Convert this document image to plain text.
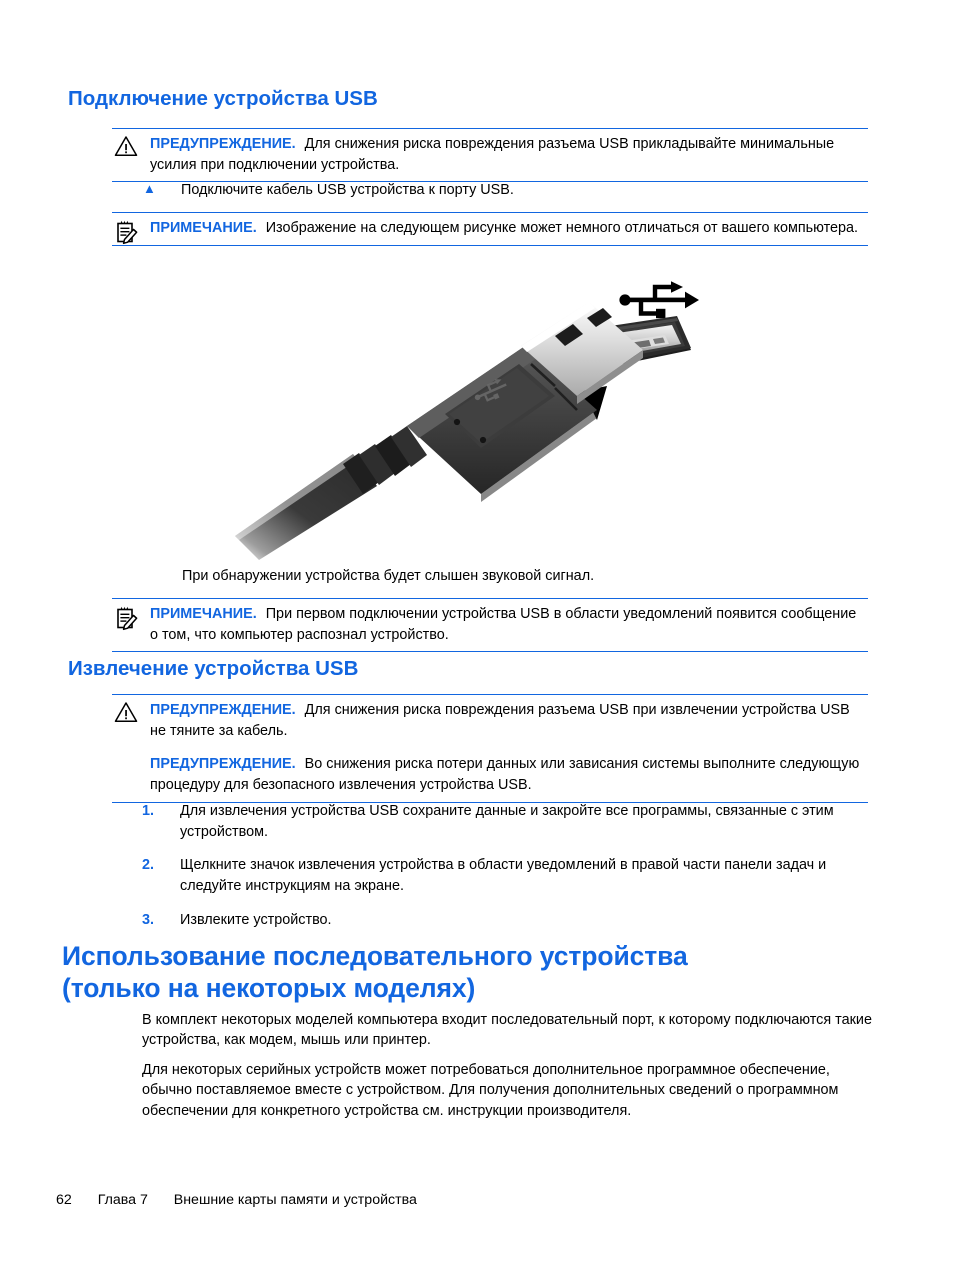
Подключение устройства USB

ПРЕДУПРЕЖДЕНИЕ. Для снижения риска повреждения разъема USB прикладывайте минимальные усилия при подключении устройства.

▲	Подключите кабель USB устройства к порту USB.

ПРИМЕЧАНИЕ. Изображение на следующем рисунке может немного отличаться от вашего компьютера.

При обнаружении устройства будет слышен звуковой сигнал.

ПРИМЕЧАНИЕ. При первом подключении устройства USB в области уведомлений появится сообщение о том, что компьютер распознал устройство.

Извлечение устройства USB

ПРЕДУПРЕЖДЕНИЕ. Для снижения риска повреждения разъема USB при извлечении устройства USB не тяните за кабель.

ПРЕДУПРЕЖДЕНИЕ. Во снижения риска потери данных или зависания системы выполните следующую процедуру для безопасного извлечения устройства USB.

1.	Для извлечения устройства USB сохраните данные и закройте все программы, связанные с этим устройством.
2.	Щелкните значок извлечения устройства в области уведомлений в правой части панели задач и следуйте инструкциям на экране.
3.	Извлеките устройство.
Использование последовательного устройства
(только на некоторых моделях)
В комплект некоторых моделей компьютера входит последовательный порт, к которому подключаются такие устройства, как модем, мышь или принтер.
Для некоторых серийных устройств может потребоваться дополнительное программное обеспечение, обычно поставляемое вместе с устройством. Для получения дополнительных сведений о программном обеспечении для конкретного устройства см. инструкции производителя.
62 Глава 7 Внешние карты памяти и устройства
